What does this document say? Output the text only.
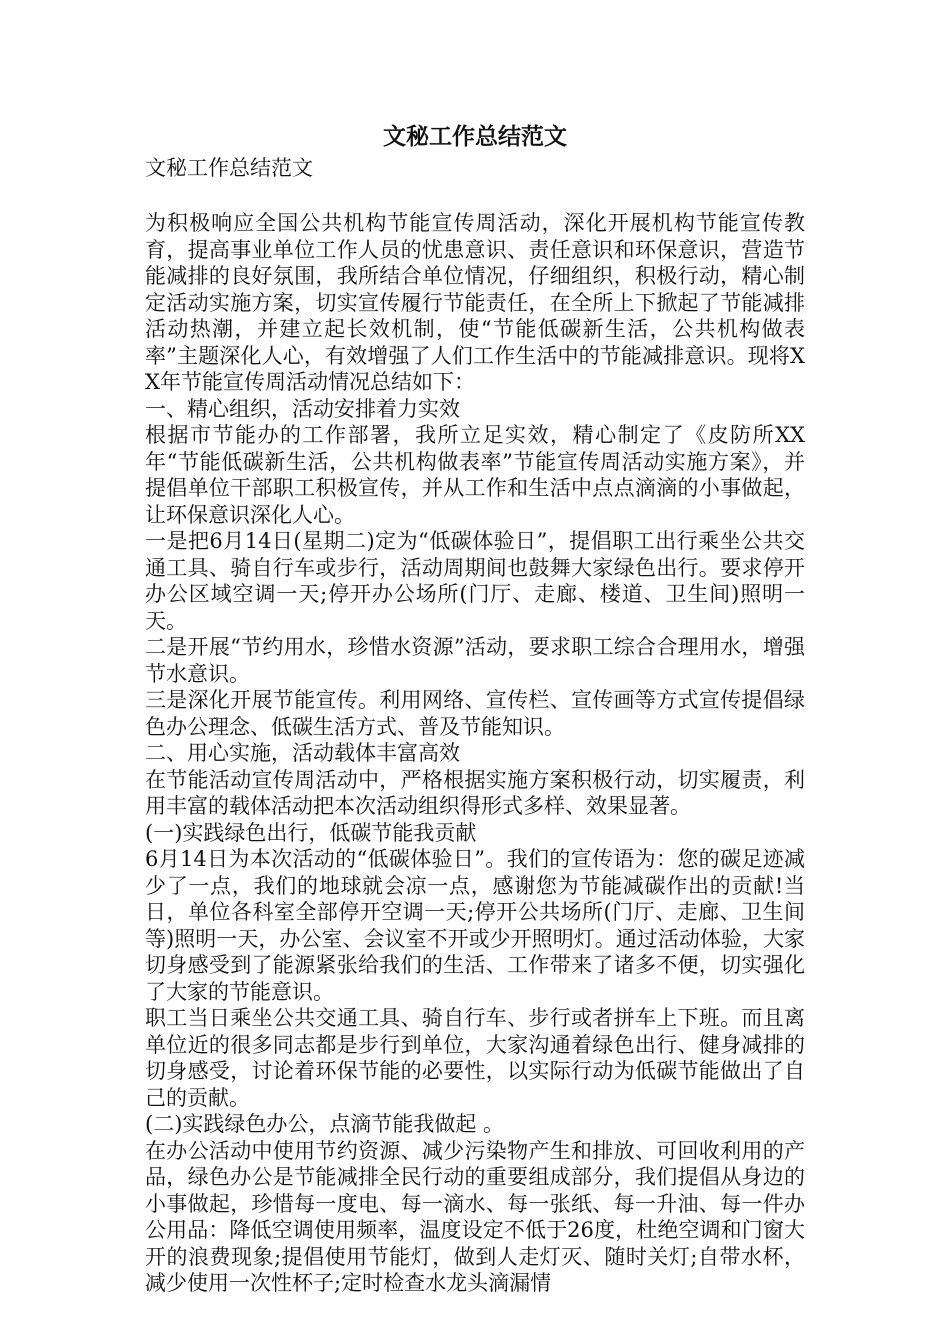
文秘工作总结范文

文秘工作总结范文

为积极响应全国公共机构节能宣传周活动，深化开展机构节能宣传教育，提高事业单位工作人员的忧患意识、责任意识和环保意识，营造节能减排的良好氛围，我所结合单位情况，仔细组织，积极行动，精心制定活动实施方案，切实宣传履行节能责任，在全所上下掀起了节能减排活动热潮，并建立起长效机制，使“节能低碳新生活，公共机构做表率”主题深化人心，有效增强了人们工作生活中的节能减排意识。现将XX年节能宣传周活动情况总结如下：

一、精心组织，活动安排着力实效

根据市节能办的工作部署，我所立足实效，精心制定了《皮防所XX年“节能低碳新生活，公共机构做表率”节能宣传周活动实施方案》，并提倡单位干部职工积极宣传，并从工作和生活中点点滴滴的小事做起，让环保意识深化人心。

一是把6月14日(星期二)定为“低碳体验日”，提倡职工出行乘坐公共交通工具、骑自行车或步行，活动周期间也鼓舞大家绿色出行。要求停开办公区域空调一天;停开办公场所(门厅、走廊、楼道、卫生间)照明一天。

二是开展“节约用水，珍惜水资源”活动，要求职工综合合理用水，增强节水意识。

三是深化开展节能宣传。利用网络、宣传栏、宣传画等方式宣传提倡绿色办公理念、低碳生活方式、普及节能知识。

二、用心实施，活动载体丰富高效

在节能活动宣传周活动中，严格根据实施方案积极行动，切实履责，利用丰富的载体活动把本次活动组织得形式多样、效果显著。

(一)实践绿色出行，低碳节能我贡献

6月14日为本次活动的“低碳体验日”。我们的宣传语为：您的碳足迹减少了一点，我们的地球就会凉一点，感谢您为节能减碳作出的贡献!当日，单位各科室全部停开空调一天;停开公共场所(门厅、走廊、卫生间等)照明一天，办公室、会议室不开或少开照明灯。通过活动体验，大家切身感受到了能源紧张给我们的生活、工作带来了诸多不便，切实强化了大家的节能意识。

职工当日乘坐公共交通工具、骑自行车、步行或者拼车上下班。而且离单位近的很多同志都是步行到单位，大家沟通着绿色出行、健身减排的切身感受，讨论着环保节能的必要性，以实际行动为低碳节能做出了自己的贡献。

(二)实践绿色办公，点滴节能我做起 。

在办公活动中使用节约资源、减少污染物产生和排放、可回收利用的产品，绿色办公是节能减排全民行动的重要组成部分，我们提倡从身边的小事做起，珍惜每一度电、每一滴水、每一张纸、每一升油、每一件办公用品：降低空调使用频率，温度设定不低于26度，杜绝空调和门窗大开的浪费现象;提倡使用节能灯，做到人走灯灭、随时关灯;自带水杯，减少使用一次性杯子;定时检查水龙头滴漏情
